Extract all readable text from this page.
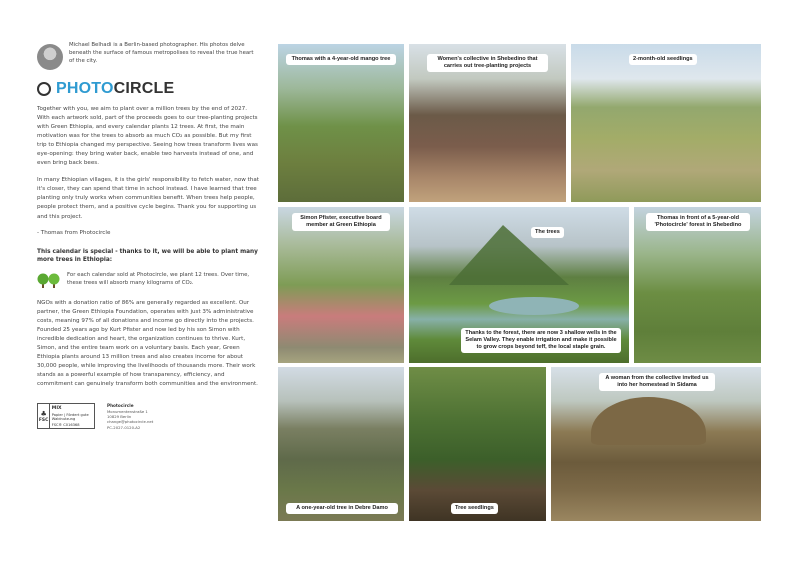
Michael Belhadi is a Berlin-based photographer. His photos delve beneath the surface of famous metropolises to reveal the true heart of the city.
PHOTO CIRCLE

Together with you, we aim to plant over a million trees by the end of 2027. With each artwork sold, part of the proceeds goes to our tree-planting projects with Green Ethiopia, and every calendar plants 12 trees. At first, the main motivation was for the trees to absorb as much CO₂ as possible. But my first trip to Ethiopia changed my perspective. Seeing how trees transform lives was eye-opening: they bring water back, enable two harvests instead of one, and even bring back bees.

In many Ethiopian villages, it is the girls' responsibility to fetch water, now that it's closer, they can spend that time in school instead. I have learned that tree planting only truly works when communities benefit. When trees help people, people protect them, and a positive cycle begins. Thank you for supporting us and this project.

- Thomas from Photocircle

This calendar is special - thanks to it, we will be able to plant many more trees in Ethiopia:

For each calendar sold at Photocircle, we plant 12 trees. Over time, these trees will absorb many kilograms of CO₂.

NGOs with a donation ratio of 86% are generally regarded as excellent. Our partner, the Green Ethiopia Foundation, operates with just 3% administrative costs, meaning 97% of all donations and income go directly into the projects. Founded 25 years ago by Kurt Pfister and now led by his son Simon with incredible dedication and heart, the organization continues to thrive. Kurt, Simon, and the entire team work on a voluntary basis. Each year, Green Ethiopia plants around 13 million trees and also creates income for about 30,000 people, while improving the livelihoods of thousands more. Their work stands as a powerful example of how transparency, efficiency, and commitment can genuinely transform both communities and the environment.

♣
FSC
MIX
Papier | Fördert gute Waldnutzung
FSC® C016368
Photocircle
Monumentenstraße 1
10829 Berlin
change@photocircle.net
PC-2027-0120-A2
Thomas with a 4-year-old mango tree	Women's collective in Shebedino that carries out tree-planting projects
2-month-old seedlings
Simon Pfister, executive board member at Green Ethiopia
The trees
Thanks to the forest, there are now 3 shallow wells in the Selam Valley. They enable irrigation and make it possible to grow crops beyond teff, the local staple grain.
Thomas in front of a 5-year-old 'Photocircle' forest in Shebedino
A one-year-old tree in Debre Damo	Tree seedlings
A woman from the collective invited us into her homestead in Sidama
